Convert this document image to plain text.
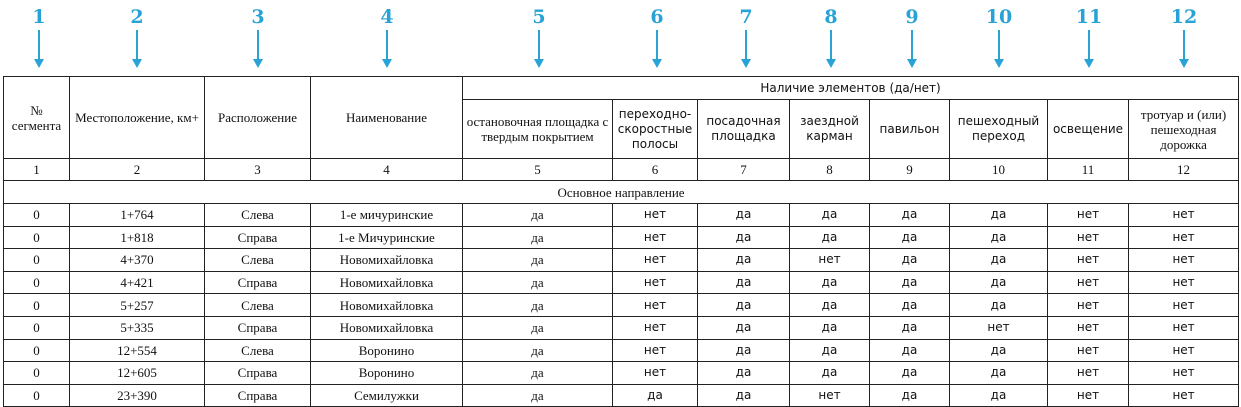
1	2	3	4	5	6	7	8	9	10	11	12
№ сегмента	Местоположение, км+	Расположение	Наименование	Наличие элементов (да/нет)							
				остановочная площадка с твердым покрытием	переходно-скоростные полосы	посадочная площадка	заездной карман	павильон	пешеходный переход	освещение	тротуар и (или) пешеходная дорожка
1	2	3	4	5	6	7	8	9	10	11	12
Основное направление											
0	1+764	Слева	1-е мичуринские	да	нет	да	да	да	да	нет	нет
0	1+818	Справа	1-е Мичуринские	да	нет	да	да	да	да	нет	нет
0	4+370	Слева	Новомихайловка	да	нет	да	нет	да	да	нет	нет
0	4+421	Справа	Новомихайловка	да	нет	да	да	да	да	нет	нет
0	5+257	Слева	Новомихайловка	да	нет	да	да	да	да	нет	нет
0	5+335	Справа	Новомихайловка	да	нет	да	да	да	нет	нет	нет
0	12+554	Слева	Воронино	да	нет	да	да	да	да	нет	нет
0	12+605	Справа	Воронино	да	нет	да	да	да	да	нет	нет
0	23+390	Справа	Семилужки	да	да	да	нет	да	да	нет	нет
